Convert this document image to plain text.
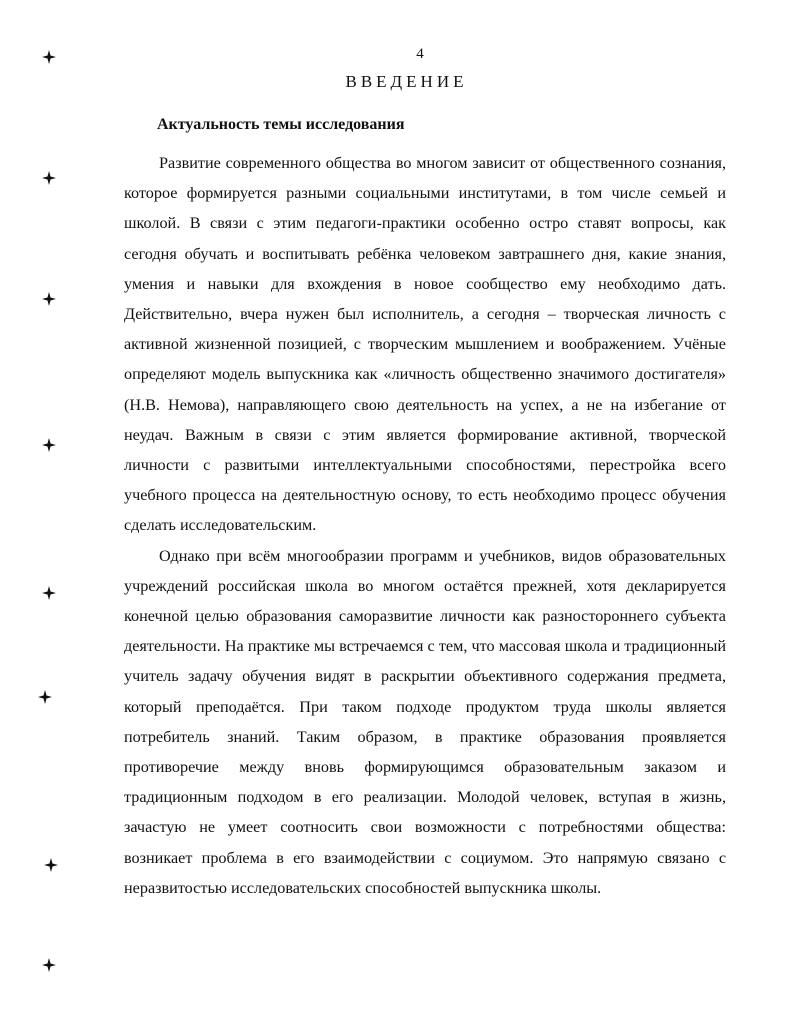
4
ВВЕДЕНИЕ
Актуальность темы исследования

Развитие современного общества во многом зависит от общественного сознания, которое формируется разными социальными институтами, в том числе семьей и школой. В связи с этим педагоги-практики особенно остро ставят вопросы, как сегодня обучать и воспитывать ребёнка человеком завтрашнего дня, какие знания, умения и навыки для вхождения в новое сообщество ему необходимо дать. Действительно, вчера нужен был исполнитель, а сегодня – творческая личность с активной жизненной позицией, с творческим мышлением и воображением. Учёные определяют модель выпускника как «личность общественно значимого достигателя» (Н.В. Немова), направляющего свою деятельность на успех, а не на избегание от неудач. Важным в связи с этим является формирование активной, творческой личности с развитыми интеллектуальными способностями, перестройка всего учебного процесса на деятельностную основу, то есть необходимо процесс обучения сделать исследовательским.

Однако при всём многообразии программ и учебников, видов образовательных учреждений российская школа во многом остаётся прежней, хотя декларируется конечной целью образования саморазвитие личности как разностороннего субъекта деятельности. На практике мы встречаемся с тем, что массовая школа и традиционный учитель задачу обучения видят в раскрытии объективного содержания предмета, который преподаётся. При таком подходе продуктом труда школы является потребитель знаний. Таким образом, в практике образования проявляется противоречие между вновь формирующимся образовательным заказом и традиционным подходом в его реализации. Молодой человек, вступая в жизнь, зачастую не умеет соотносить свои возможности с потребностями общества: возникает проблема в его взаимодействии с социумом. Это напрямую связано с неразвитостью исследовательских способностей выпускника школы.
